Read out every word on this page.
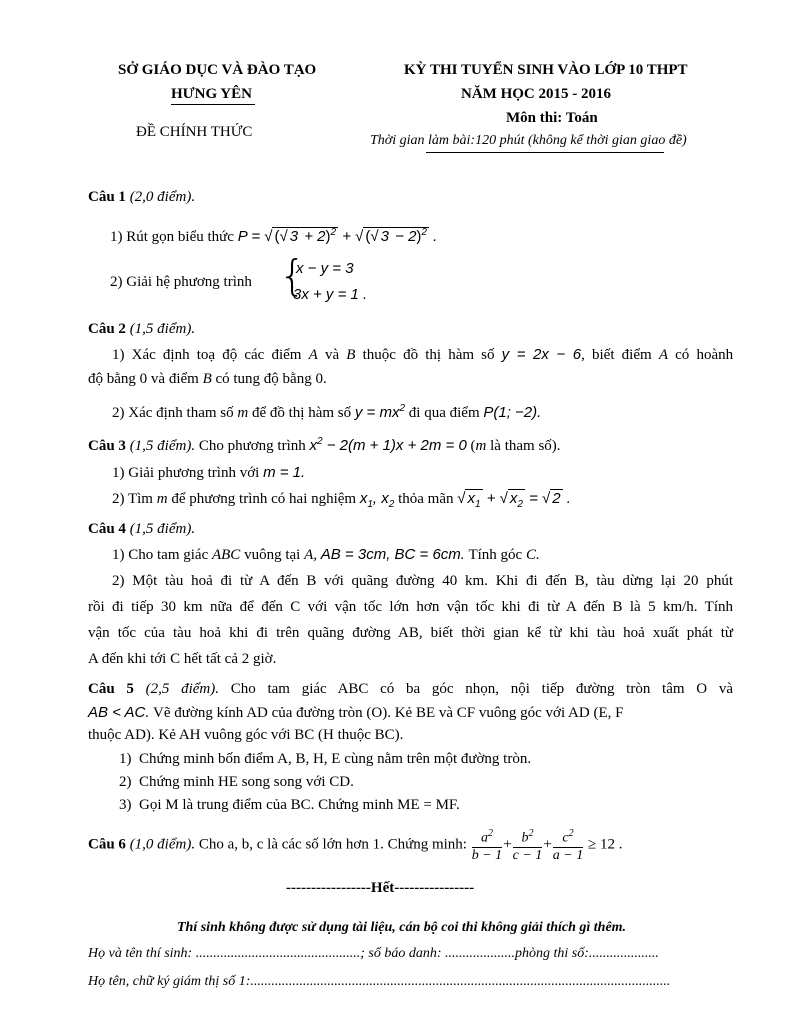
SỞ GIÁO DỤC VÀ ĐÀO TẠO
HƯNG YÊN
ĐỀ CHÍNH THỨC
KỲ THI TUYỂN SINH VÀO LỚP 10 THPT
NĂM HỌC 2015 - 2016
Môn thi: Toán
Thời gian làm bài:120 phút (không kể thời gian giao đề)
Câu 1 (2,0 điểm).
1) Rút gọn biểu thức P = √ (√ 3 + 2)$^2$ + √ (√ 3 − 2)$^2$ .
2) Giải hệ phương trình {
x − y = 3
3x + y = 1 .
Câu 2 (1,5 điểm).
1) Xác định toạ độ các điểm A và B thuộc đồ thị hàm số y = 2x − 6, biết điểm A có hoành
độ bằng 0 và điểm B có tung độ bằng 0.
2) Xác định tham số m để đồ thị hàm số $y = mx^2$ đi qua điểm P(1; −2).
Câu 3 (1,5 điểm). Cho phương trình $x^2 - 2(m + 1)x + 2m = 0$ (m là tham số).
1) Giải phương trình với m = 1.
2) Tìm m để phương trình có hai nghiệm $x_1$, $x_2$ thỏa mãn √ $x_1$ + √ $x_2$ = √ 2 .
Câu 4 (1,5 điểm).
1) Cho tam giác ABC vuông tại A, AB = 3cm, BC = 6cm. Tính góc C.
2) Một tàu hoả đi từ A đến B với quãng đường 40 km. Khi đi đến B, tàu dừng lại 20 phút
rồi đi tiếp 30 km nữa để đến C với vận tốc lớn hơn vận tốc khi đi từ A đến B là 5 km/h. Tính
vận tốc của tàu hoả khi đi trên quãng đường AB, biết thời gian kể từ khi tàu hoả xuất phát từ
A đến khi tới C hết tất cả 2 giờ.
Câu 5 (2,5 điểm). Cho tam giác ABC có ba góc nhọn, nội tiếp đường tròn tâm O và
AB < AC. Vẽ đường kính AD của đường tròn (O). Kẻ BE và CF vuông góc với AD (E, F
thuộc AD). Kẻ AH vuông góc với BC (H thuộc BC).
1) Chứng minh bốn điểm A, B, H, E cùng nằm trên một đường tròn.
2) Chứng minh HE song song với CD.
3) Gọi M là trung điểm của BC. Chứng minh ME = MF.
Câu 6 (1,0 điểm). Cho a, b, c là các số lớn hơn 1. Chứng minh: $\frac{a^2}{b - 1} + \frac{b^2}{c - 1} + \frac{c^2}{a - 1} \ge 12$ .
-----------------Hết----------------
Thí sinh không được sử dụng tài liệu, cán bộ coi thi không giải thích gì thêm.
Họ và tên thí sinh: ...............................................; số báo danh: ....................phòng thi số:....................
Họ tên, chữ ký giám thị số 1:........................................................................................................................
